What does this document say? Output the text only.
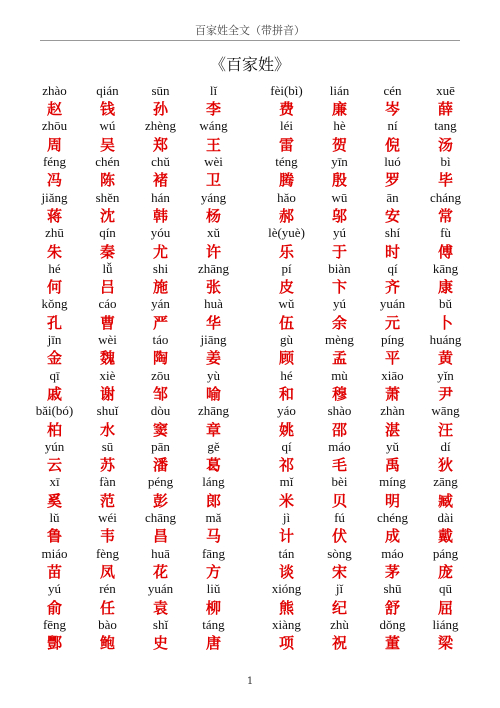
百家姓全文（带拼音）
《百家姓》
zhào	qián	sūn	lǐ	fèi(bì)	lián	cén	xuē
赵	钱	孙	李	费	廉	岑	薛
zhōu	wú	zhèng	wáng	léi	hè	ní	tang
周	吴	郑	王	雷	贺	倪	汤
féng	chén	chǔ	wèi	téng	yīn	luó	bì
冯	陈	褚	卫	腾	殷	罗	毕
jiǎng	shěn	hán	yáng	hǎo	wū	ān	cháng
蒋	沈	韩	杨	郝	邬	安	常
zhū	qín	yóu	xǔ	lè(yuè)	yú	shí	fù
朱	秦	尤	许	乐	于	时	傅
hé	lǚ	shi	zhāng	pí	biàn	qí	kāng
何	吕	施	张	皮	卞	齐	康
kǒng	cáo	yán	huà	wǔ	yú	yuán	bǔ
孔	曹	严	华	伍	余	元	卜
jīn	wèi	táo	jiāng	gù	mèng	píng	huáng
金	魏	陶	姜	顾	孟	平	黄
qī	xiè	zōu	yù	hé	mù	xiāo	yǐn
戚	谢	邹	喻	和	穆	萧	尹
bǎi(bó)	shuǐ	dòu	zhāng	yáo	shào	zhàn	wāng
柏	水	窦	章	姚	邵	湛	汪
yún	sū	pān	gě	qí	máo	yǔ	dí
云	苏	潘	葛	祁	毛	禹	狄
xī	fàn	péng	láng	mǐ	bèi	míng	zāng
奚	范	彭	郎	米	贝	明	臧
lǔ	wéi	chāng	mǎ	jì	fú	chéng	dài
鲁	韦	昌	马	计	伏	成	戴
miáo	fèng	huā	fāng	tán	sòng	máo	páng
苗	凤	花	方	谈	宋	茅	庞
yú	rén	yuán	liǔ	xióng	jǐ	shū	qū
俞	任	袁	柳	熊	纪	舒	屈
fēng	bào	shǐ	táng	xiàng	zhù	dǒng	liáng
酆	鲍	史	唐	项	祝	董	梁
1
